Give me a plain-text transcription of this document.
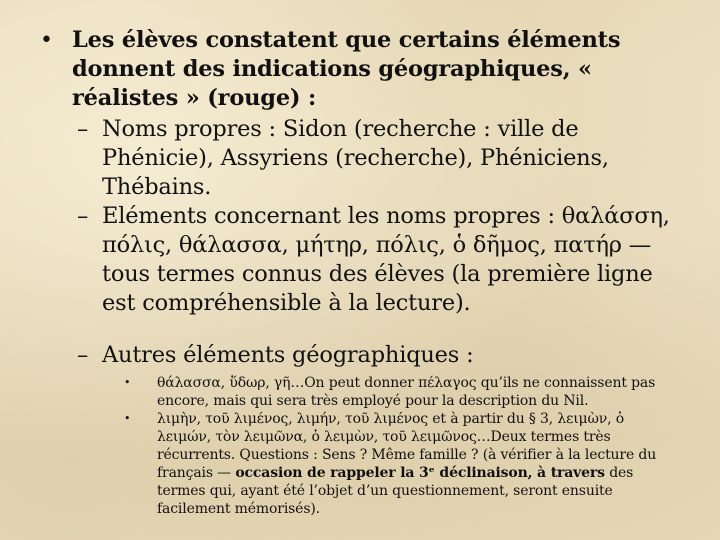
• Les élèves constatent que certains éléments donnent des indications géographiques, « réalistes » (rouge) :
– Noms propres : Sidon (recherche : ville de Phénicie), Assyriens (recherche), Phéniciens, Thébains.
– Eléments concernant les noms propres : θαλάσση, πόλις, θάλασσα, μήτηρ, πόλις, ὁ δῆμος, πατήρ —tous termes connus des élèves (la première ligne est compréhensible à la lecture).
– Autres éléments géographiques :
• θάλασσα, ὕδωρ, γῆ…On peut donner πέλαγος qu’ils ne connaissent pas encore, mais qui sera très employé pour la description du Nil.
• λιμὴν, τοῦ λιμένος, λιμήν, τοῦ λιμένος et à partir du § 3, λειμὼν, ὁ λειμών, τὸν λειμῶνα, ὁ λειμὼν, τοῦ λειμῶνος…Deux termes très récurrents. Questions : Sens ? Même famille ? (à vérifier à la lecture du français — occasion de rappeler la 3ᵉ déclinaison, à travers des termes qui, ayant été l’objet d’un questionnement, seront ensuite facilement mémorisés).
